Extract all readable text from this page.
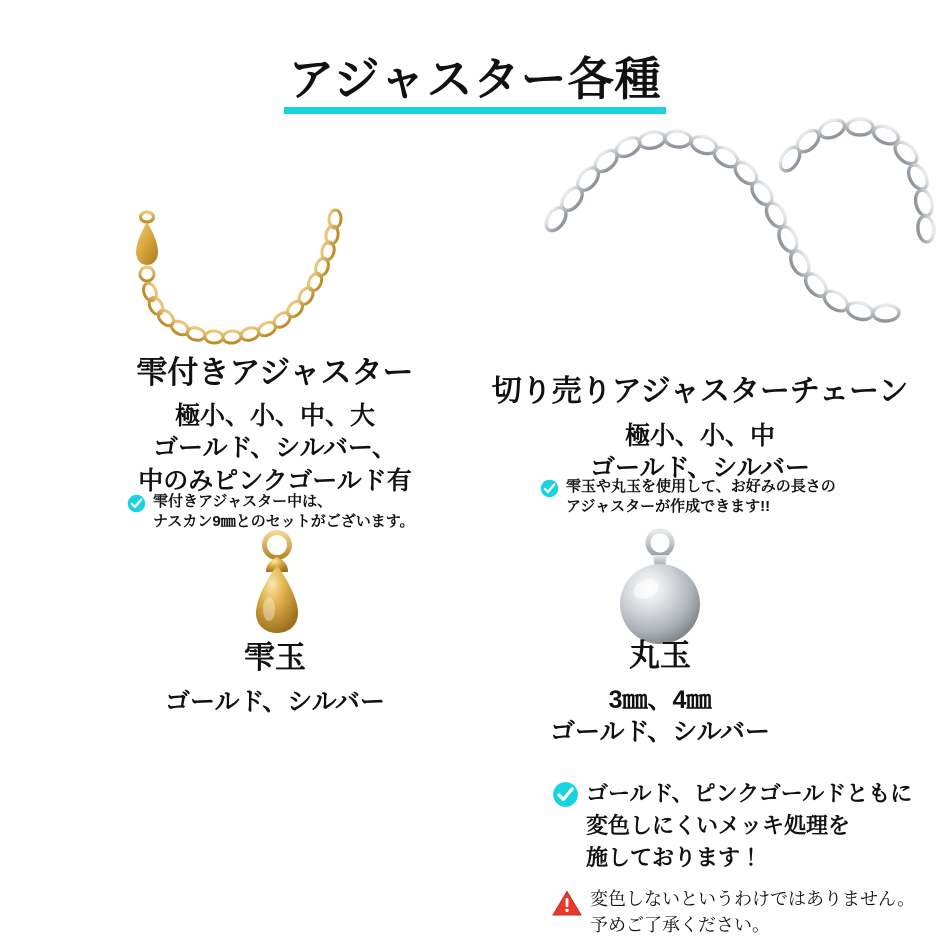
アジャスター各種
雫付きアジャスター
極小、小、中、大
ゴールド、シルバー、
中のみピンクゴールド有
雫付きアジャスター中は、
ナスカン9㎜とのセットがございます。
切り売りアジャスターチェーン
極小、小、中
ゴールド、シルバー
雫玉や丸玉を使用して、お好みの長さの
アジャスターが作成できます!!
雫玉
ゴールド、シルバー
丸玉
3㎜、4㎜
ゴールド、シルバー
ゴールド、ピンクゴールドともに
変色しにくいメッキ処理を
施しております！
変色しないというわけではありません。
予めご了承ください。
